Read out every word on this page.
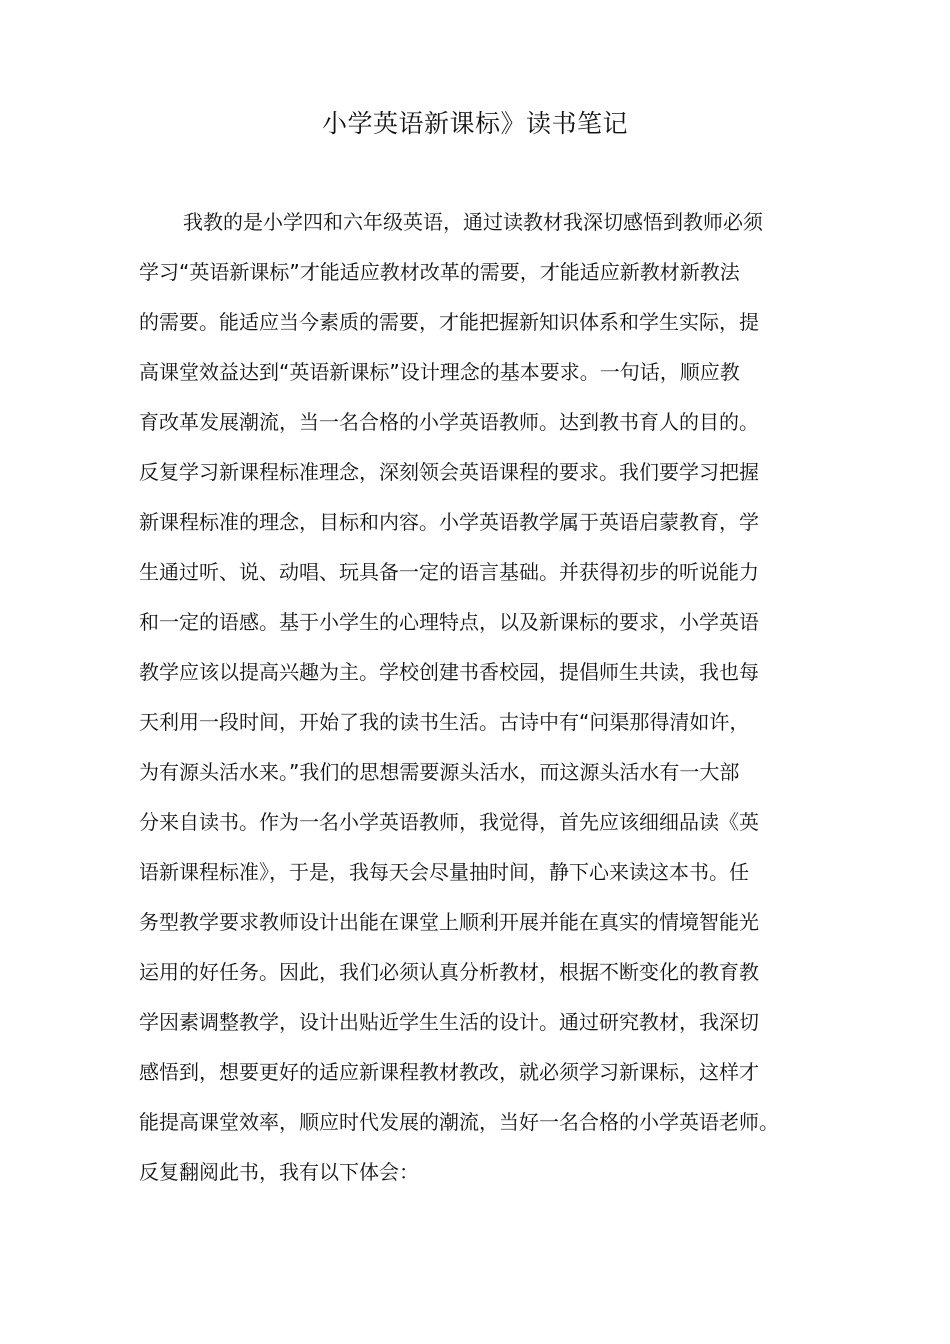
小学英语新课标》读书笔记
我教的是小学四和六年级英语，通过读教材我深切感悟到教师必须
学习“英语新课标”才能适应教材改革的需要，才能适应新教材新教法
的需要。能适应当今素质的需要，才能把握新知识体系和学生实际，提
高课堂效益达到“英语新课标”设计理念的基本要求。一句话，顺应教
育改革发展潮流，当一名合格的小学英语教师。达到教书育人的目的。
反复学习新课程标准理念，深刻领会英语课程的要求。我们要学习把握
新课程标准的理念，目标和内容。小学英语教学属于英语启蒙教育，学
生通过听、说、动唱、玩具备一定的语言基础。并获得初步的听说能力
和一定的语感。基于小学生的心理特点，以及新课标的要求，小学英语
教学应该以提高兴趣为主。学校创建书香校园，提倡师生共读，我也每
天利用一段时间，开始了我的读书生活。古诗中有“问渠那得清如许，
为有源头活水来。”我们的思想需要源头活水，而这源头活水有一大部
分来自读书。作为一名小学英语教师，我觉得，首先应该细细品读《英
语新课程标准》，于是，我每天会尽量抽时间，静下心来读这本书。任
务型教学要求教师设计出能在课堂上顺利开展并能在真实的情境智能光
运用的好任务。因此，我们必须认真分析教材，根据不断变化的教育教
学因素调整教学，设计出贴近学生生活的设计。通过研究教材，我深切
感悟到，想要更好的适应新课程教材教改，就必须学习新课标，这样才
能提高课堂效率，顺应时代发展的潮流，当好一名合格的小学英语老师。
反复翻阅此书，我有以下体会：
